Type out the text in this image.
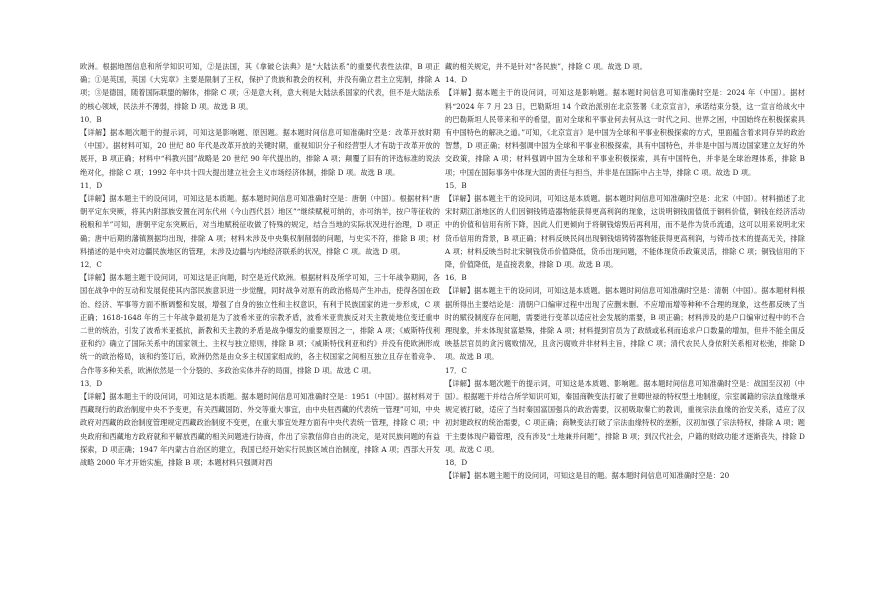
欧洲。根据地图信息和所学知识可知，②是法国，其《拿破仑法典》是“大陆法系”的重要代表性法律，B 项正确；①是英国，英国《大宪章》主要是限制了王权，保护了贵族和教会的权利，并没有确立君主立宪制，排除 A 项；③是德国，随着国际联盟的解体，排除 C 项；④是意大利，意大利是大陆法系国家的代表，但不是大陆法系的核心领域，民法并不薄弱，排除 D 项。故选 B 项。

10．B

【详解】据本题次题干的提示词，可知这是影响题、原因题。据本题时间信息可知准确时空是：改革开放时期（中国）。据材料可知，20 世纪 80 年代是改革开放的关键时期，重视知识分子和经营型人才有助于改革开放的展开，B 项正确；材料中“科教兴国”战略是 20 世纪 90 年代提出的，排除 A 项；颠覆了旧有的评选标准的说法绝对化，排除 C 项；1992 年中共十四大提出建立社会主义市场经济体制，排除 D 项。故选 B 项。

11．D

【详解】据本题主干的设问词，可知这是本质题。据本题时间信息可知准确时空是：唐朝（中国）。根据材料“唐朝平定东突厥，将其内附部族安置在河东代州（今山西代县）地区”“继续赋税可纳的，亦可纳羊，按户等征收的税粮和羊”可知，唐朝平定东突厥后，对当地赋税征收做了特殊的规定，结合当地的实际状况进行治理，D 项正确；唐中后期的藩镇割据均出现，排除 A 项；材料未涉及中央集权制削弱的问题，与史实不符，排除 B 项；材料描述的是中央对边疆民族地区的管理，未涉及边疆与内地经济联系的状况，排除 C 项。故选 D 项。

12．C

【详解】据本题主题干设问词，可知这是正向题，时空是近代欧洲。根据材料及所学可知，三十年战争期间，各国在战争中的互动和发展促使其内部民族意识进一步觉醒，同时战争对原有的政治格局产生冲击，使得各国在政治、经济、军事等方面不断调整和发展，增强了自身的独立性和主权意识，有利于民族国家的进一步形成，C 项正确；1618-1648 年的三十年战争最初是为了波希米亚的宗教矛盾，波希米亚贵族反对天主教徒地位变迁重申二世的统治，引发了波希米亚抵抗，新教和天主教的矛盾是战争爆发的重要原因之一，排除 A 项；《威斯特伐利亚和约》确立了国际关系中的国家领土、主权与独立原则，排除 B 项；《威斯特伐利亚和约》并没有使欧洲形成统一的政治格局，该和约签订后，欧洲仍然是由众多主权国家组成的，各主权国家之间相互独立且存在着竞争、合作等多种关系，欧洲依然是一个分裂的、多政治实体并存的局面，排除 D 项。故选 C 项。

13．D

【详解】据本题主干的设问词，可知这是本质题。据本题时间信息可知准确时空是：1951（中国）。据材料对于西藏现行的政治制度中央不予变更，有关西藏国防、外交等重大事宜，由中央驻西藏的代表统一管理”可知，中央政府对西藏的政治制度管理规定西藏政治制度不变更，在重大事宜处理方面有中央代表统一管理，排除 C 项；中央政府和西藏地方政府就和平解放西藏的相关问题进行协商，作出了宗教信仰自由的决定，是对民族问题的有益探索，D 项正确；1947 年内蒙古自治区的建立，我国已经开始实行民族区域自治制度，排除 A 项；西部大开发战略 2000 年才开始实施，排除 B 项；本题材料只强调对西

藏的相关规定，并不是针对“各民族”，排除 C 项。故选 D 项。

14．D

【详解】据本题主干的设问词，可知这是影响题。据本题时间信息可知准确时空是：2024 年（中国）。据材料“2024 年 7 月 23 日，巴勒斯坦 14 个政治派别在北京签署《北京宣言》，承诺结束分裂，这一宣言给战火中的巴勒斯坦人民带来和平的希望，面对全球和平事业何去何从这一时代之问、世界之困，中国始终在积极探索具有中国特色的解决之道。”可知，《北京宣言》是中国为全球和平事业积极探索的方式，里面蕴含着求同存异的政治智慧，D 项正确；材料强调中国为全球和平事业积极探索，具有中国特色，并非是中国与周边国家建立友好的外交政策，排除 A 项；材料强调中国为全球和平事业积极探索，具有中国特色，并非是全球治理体系，排除 B 项；中国在国际事务中体现大国的责任与担当，并非是在国际中占主导，排除 C 项。故选 D 项。

15．B

【详解】据本题主干的设问词，可知这是本质题。据本题时间信息可知准确时空是：北宋（中国）。材料描述了北宋时期江浙地区的人们因铜钱铸造器物能获得更高利润的现象，这说明铜钱面值低于铜料价值，铜钱在经济活动中的价值和信用有所下降，因此人们更倾向于将铜钱熔毁后再利用，而不是作为货币流通，这可以用来说明北宋货币信用的背景，B 项正确；材料反映民间出现铜钱熔铸铸器物能获得更高利润，与铸币技术的提高无关，排除 A 项；材料反映当时北宋铜钱货币价值降低，货币出现问题，不能体现货币政策灵活，排除 C 项；铜钱信用的下降，价值降低，是直接表象，排除 D 项。故选 B 项。

16．B

【详解】据本题主干的设问词，可知这是本质题。据本题时间信息可知准确时空是：清朝（中国）。据本题材料根据所得出主要结论是：清朝户口编审过程中出现了应删未删、不应增而增等种种不合理的现象，这些都反映了当时的赋役制度存在问题，需要进行变革以适应社会发展的需要，B 项正确；材料涉及的是户口编审过程中的不合理现象，并未体现贫富悬殊，排除 A 项；材料提到官员为了政绩或私利而追求户口数量的增加，但并不能全面反映基层官员的贪污腐败情况，且贪污腐败并非材料主旨，排除 C 项；清代农民人身依附关系相对松弛，排除 D 项。故选 B 项。

17．C

【详解】据本题次题干的提示词，可知这是本质题、影响题。据本题时间信息可知准确时空是：战国至汉初（中国）。根据题干并结合所学知识可知，秦国商鞅变法打破了世卿世禄的特权型土地制度，宗室属籍的宗法血缘继承规定被打破，适应了当时秦国富国强兵的政治需要，汉初吸取秦亡的教训，重视宗法血缘的治安关系，适应了汉初封建政权的统治需要，C 项正确；商鞅变法打破了宗法血缘特权的垄断，汉初加强了宗法特权，排除 A 项；题干主要体现户籍管理，没有涉及“土地兼并问题”，排除 B 项；到汉代社会，户籍的财政功能才逐渐丧失，排除 D 项。故选 C 项。

18．D

【详解】据本题主题干的设问词，可知这是目的题。据本题时间信息可知准确时空是：20
